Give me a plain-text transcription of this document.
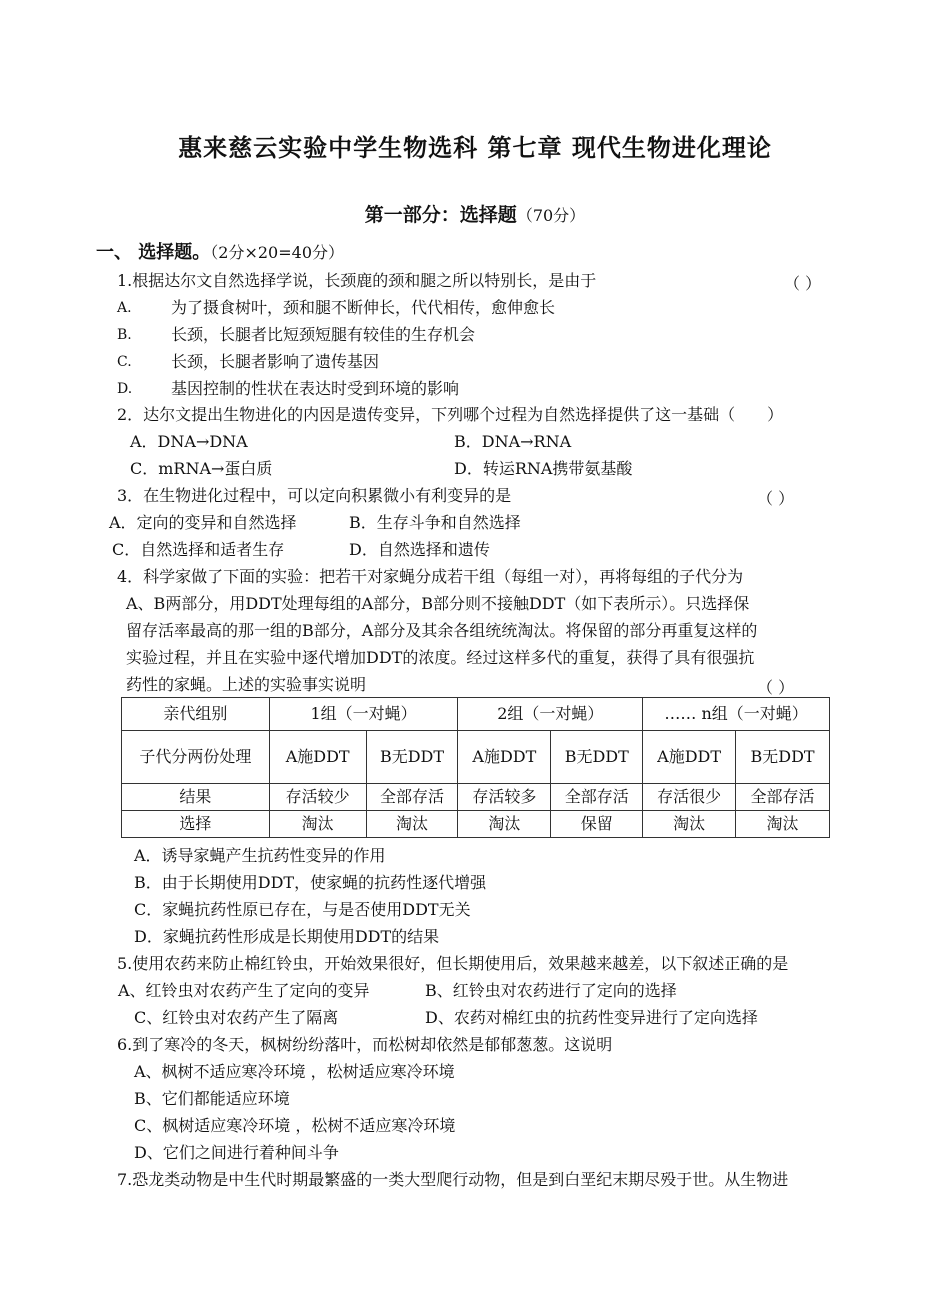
惠来慈云实验中学生物选科 第七章 现代生物进化理论
第一部分：选择题（70分）
一、 选择题。（2分×20=40分）
1.根据达尔文自然选择学说，长颈鹿的颈和腿之所以特别长，是由于	（ ）
A. 为了摄食树叶，颈和腿不断伸长，代代相传，愈伸愈长
B. 长颈，长腿者比短颈短腿有较佳的生存机会
C. 长颈，长腿者影响了遗传基因
D. 基因控制的性状在表达时受到环境的影响
2．达尔文提出生物进化的内因是遗传变异，下列哪个过程为自然选择提供了这一基础（　　）
A．DNA→DNA	B．DNA→RNA
C．mRNA→蛋白质	D．转运RNA携带氨基酸
3．在生物进化过程中，可以定向积累微小有利变异的是	（ ）
A．定向的变异和自然选择	B．生存斗争和自然选择
C．自然选择和适者生存	D．自然选择和遗传
4．科学家做了下面的实验：把若干对家蝇分成若干组（每组一对），再将每组的子代分为
A、B两部分，用DDT处理每组的A部分，B部分则不接触DDT（如下表所示）。只选择保
留存活率最高的那一组的B部分，A部分及其余各组统统淘汰。将保留的部分再重复这样的
实验过程，并且在实验中逐代增加DDT的浓度。经过这样多代的重复，获得了具有很强抗
药性的家蝇。上述的实验事实说明	（ ）
亲代组别	1组（一对蝇）		2组（一对蝇）		…… n组（一对蝇）	
子代分两份处理	A施DDT	B无DDT	A施DDT	B无DDT	A施DDT	B无DDT
结果	存活较少	全部存活	存活较多	全部存活	存活很少	全部存活
选择	淘汰	淘汰	淘汰	保留	淘汰	淘汰
A．诱导家蝇产生抗药性变异的作用
B．由于长期使用DDT，使家蝇的抗药性逐代增强
C．家蝇抗药性原已存在，与是否使用DDT无关
D．家蝇抗药性形成是长期使用DDT的结果
5.使用农药来防止棉红铃虫，开始效果很好，但长期使用后，效果越来越差，以下叙述正确的是
A、红铃虫对农药产生了定向的变异	B、红铃虫对农药进行了定向的选择
C、红铃虫对农药产生了隔离	D、农药对棉红虫的抗药性变异进行了定向选择
6.到了寒冷的冬天，枫树纷纷落叶，而松树却依然是郁郁葱葱。这说明
A、枫树不适应寒冷环境 ，松树适应寒冷环境
B、它们都能适应环境
C、枫树适应寒冷环境 ，松树不适应寒冷环境
D、它们之间进行着种间斗争
7.恐龙类动物是中生代时期最繁盛的一类大型爬行动物，但是到白垩纪末期尽殁于世。从生物进
